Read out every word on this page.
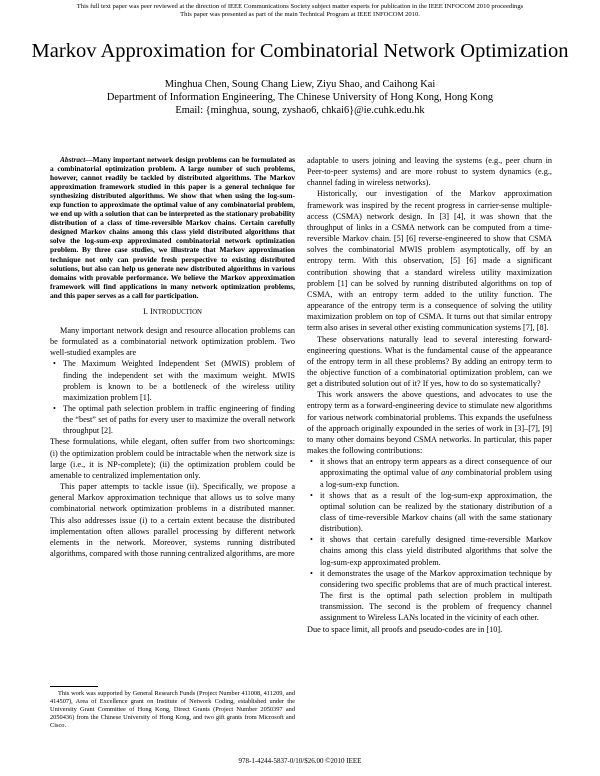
This full text paper was peer reviewed at the direction of IEEE Communications Society subject matter experts for publication in the IEEE INFOCOM 2010 proceedings
This paper was presented as part of the main Technical Program at IEEE INFOCOM 2010.
Markov Approximation for Combinatorial Network Optimization
Minghua Chen, Soung Chang Liew, Ziyu Shao, and Caihong Kai
Department of Information Engineering, The Chinese University of Hong Kong, Hong Kong
Email: {minghua, soung, zyshao6, chkai6}@ie.cuhk.edu.hk

Abstract—Many important network design problems can be formulated as a combinatorial optimization problem. A large number of such problems, however, cannot readily be tackled by distributed algorithms. The Markov approximation framework studied in this paper is a general technique for synthesizing distributed algorithms. We show that when using the log-sum-exp function to approximate the optimal value of any combinatorial problem, we end up with a solution that can be interpreted as the stationary probability distribution of a class of time-reversible Markov chains. Certain carefully designed Markov chains among this class yield distributed algorithms that solve the log-sum-exp approximated combinatorial network optimization problem. By three case studies, we illustrate that Markov approximation technique not only can provide fresh perspective to existing distributed solutions, but also can help us generate new distributed algorithms in various domains with provable performance. We believe the Markov approximation framework will find applications in many network optimization problems, and this paper serves as a call for participation.

I. INTRODUCTION

Many important network design and resource allocation problems can be formulated as a combinatorial network optimization problem. Two well-studied examples are

• The Maximum Weighted Independent Set (MWIS) problem of finding the independent set with the maximum weight. MWIS problem is known to be a bottleneck of the wireless utility maximization problem [1].
• The optimal path selection problem in traffic engineering of finding the “best” set of paths for every user to maximize the overall network throughput [2].

These formulations, while elegant, often suffer from two shortcomings: (i) the optimization problem could be intractable when the network size is large (i.e., it is NP-complete); (ii) the optimization problem could be amenable to centralized implementation only.

This paper attempts to tackle issue (ii). Specifically, we propose a general Markov approximation technique that allows us to solve many combinatorial network optimization problems in a distributed manner. This also addresses issue (i) to a certain extent because the distributed implementation often allows parallel processing by different network elements in the network. Moreover, systems running distributed algorithms, compared with those running centralized algorithms, are more

This work was supported by General Research Funds (Project Number 411008, 411209, and 414507), Area of Excellence grant on Institute of Network Coding, established under the University Grant Committee of Hong Kong, Direct Grants (Project Number 2050397 and 2050436) from the Chinese University of Hong Kong, and two gift grants from Microsoft and Cisco.

adaptable to users joining and leaving the systems (e.g., peer churn in Peer-to-peer systems) and are more robust to system dynamics (e.g., channel fading in wireless networks).

Historically, our investigation of the Markov approximation framework was inspired by the recent progress in carrier-sense multiple-access (CSMA) network design. In [3] [4], it was shown that the throughput of links in a CSMA network can be computed from a time-reversible Markov chain. [5] [6] reverse-engineered to show that CSMA solves the combinatorial MWIS problem asymptotically, off by an entropy term. With this observation, [5] [6] made a significant contribution showing that a standard wireless utility maximization problem [1] can be solved by running distributed algorithms on top of CSMA, with an entropy term added to the utility function. The appearance of the entropy term is a consequence of solving the utility maximization problem on top of CSMA. It turns out that similar entropy term also arises in several other existing communication systems [7], [8].

These observations naturally lead to several interesting forward-engineering questions. What is the fundamental cause of the appearance of the entropy term in all these problems? By adding an entropy term to the objective function of a combinatorial optimization problem, can we get a distributed solution out of it? If yes, how to do so systematically?

This work answers the above questions, and advocates to use the entropy term as a forward-engineering device to stimulate new algorithms for various network combinatorial problems. This expands the usefulness of the approach originally expounded in the series of work in [3]–[7], [9] to many other domains beyond CSMA networks. In particular, this paper makes the following contributions:

• it shows that an entropy term appears as a direct consequence of our approximating the optimal value of any combinatorial problem using a log-sum-exp function.
• it shows that as a result of the log-sum-exp approximation, the optimal solution can be realized by the stationary distribution of a class of time-reversible Markov chains (all with the same stationary distribution).
• it shows that certain carefully designed time-reversible Markov chains among this class yield distributed algorithms that solve the log-sum-exp approximated problem.
• it demonstrates the usage of the Markov approximation technique by considering two specific problems that are of much practical interest. The first is the optimal path selection problem in multipath transmission. The second is the problem of frequency channel assignment to Wireless LANs located in the vicinity of each other.

Due to space limit, all proofs and pseudo-codes are in [10].

978-1-4244-5837-0/10/$26.00 ©2010 IEEE
